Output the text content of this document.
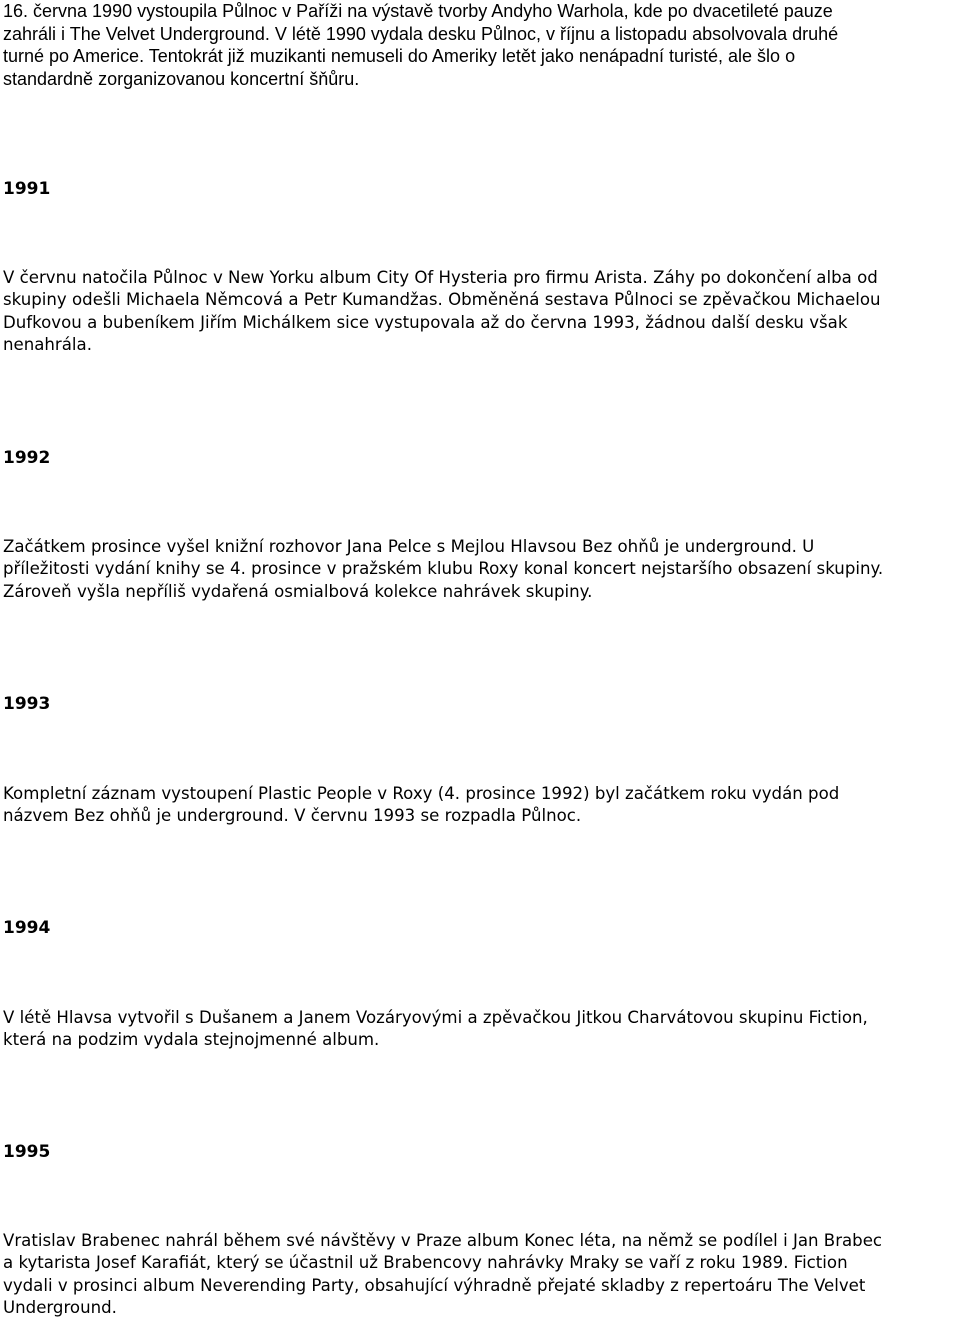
16. června 1990 vystoupila Půlnoc v Paříži na výstavě tvorby Andyho Warhola, kde po dvacetileté pauze
zahráli i The Velvet Underground. V létě 1990 vydala desku Půlnoc, v říjnu a listopadu absolvovala druhé
turné po Americe. Tentokrát již muzikanti nemuseli do Ameriky letět jako nenápadní turisté, ale šlo o
standardně zorganizovanou koncertní šňůru.
1991
V červnu natočila Půlnoc v New Yorku album City Of Hysteria pro firmu Arista. Záhy po dokončení alba od
skupiny odešli Michaela Němcová a Petr Kumandžas. Obměněná sestava Půlnoci se zpěvačkou Michaelou
Dufkovou a bubeníkem Jiřím Michálkem sice vystupovala až do června 1993, žádnou další desku však
nenahrála.
1992
Začátkem prosince vyšel knižní rozhovor Jana Pelce s Mejlou Hlavsou Bez ohňů je underground. U
příležitosti vydání knihy se 4. prosince v pražském klubu Roxy konal koncert nejstaršího obsazení skupiny.
Zároveň vyšla nepříliš vydařená osmialbová kolekce nahrávek skupiny.
1993
Kompletní záznam vystoupení Plastic People v Roxy (4. prosince 1992) byl začátkem roku vydán pod
názvem Bez ohňů je underground. V červnu 1993 se rozpadla Půlnoc.
1994
V létě Hlavsa vytvořil s Dušanem a Janem Vozáryovými a zpěvačkou Jitkou Charvátovou skupinu Fiction,
která na podzim vydala stejnojmenné album.
1995
Vratislav Brabenec nahrál během své návštěvy v Praze album Konec léta, na němž se podílel i Jan Brabec
a kytarista Josef Karafiát, který se účastnil už Brabencovy nahrávky Mraky se vaří z roku 1989. Fiction
vydali v prosinci album Neverending Party, obsahující výhradně přejaté skladby z repertoáru The Velvet
Underground.
